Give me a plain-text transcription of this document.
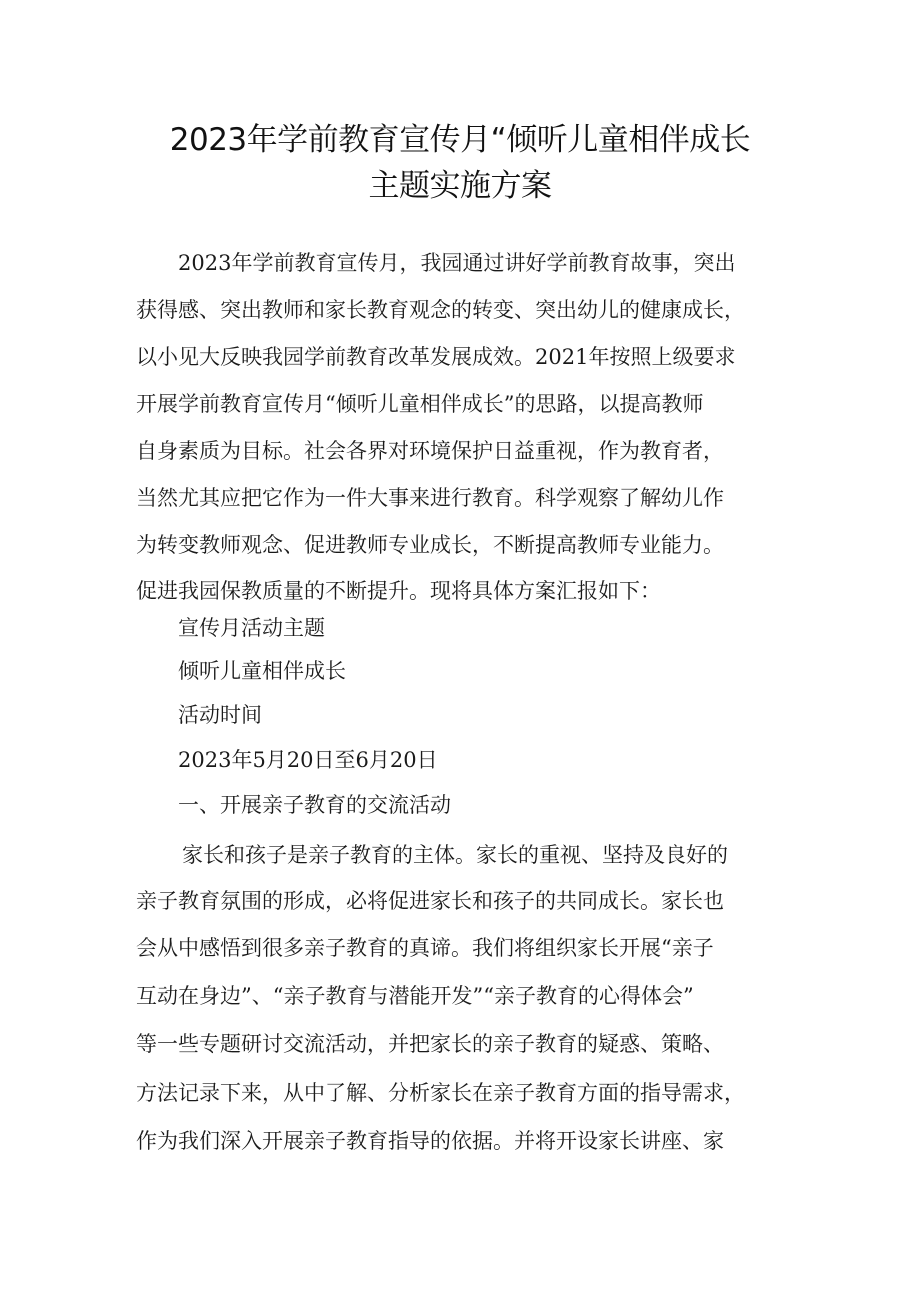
2023年学前教育宣传月“倾听儿童相伴成长
主题实施方案

2023年学前教育宣传月，我园通过讲好学前教育故事，突出

获得感、突出教师和家长教育观念的转变、突出幼儿的健康成长，

以小见大反映我园学前教育改革发展成效。2021年按照上级要求

开展学前教育宣传月“倾听儿童相伴成长”的思路，以提高教师

自身素质为目标。社会各界对环境保护日益重视，作为教育者，

当然尤其应把它作为一件大事来进行教育。科学观察了解幼儿作

为转变教师观念、促进教师专业成长，不断提高教师专业能力。

促进我园保教质量的不断提升。现将具体方案汇报如下：

宣传月活动主题

倾听儿童相伴成长

活动时间

2023年5月20日至6月20日

一、开展亲子教育的交流活动

家长和孩子是亲子教育的主体。家长的重视、坚持及良好的

亲子教育氛围的形成，必将促进家长和孩子的共同成长。家长也

会从中感悟到很多亲子教育的真谛。我们将组织家长开展“亲子

互动在身边”、“亲子教育与潜能开发”“亲子教育的心得体会”

等一些专题研讨交流活动，并把家长的亲子教育的疑惑、策略、

方法记录下来，从中了解、分析家长在亲子教育方面的指导需求，

作为我们深入开展亲子教育指导的依据。并将开设家长讲座、家
